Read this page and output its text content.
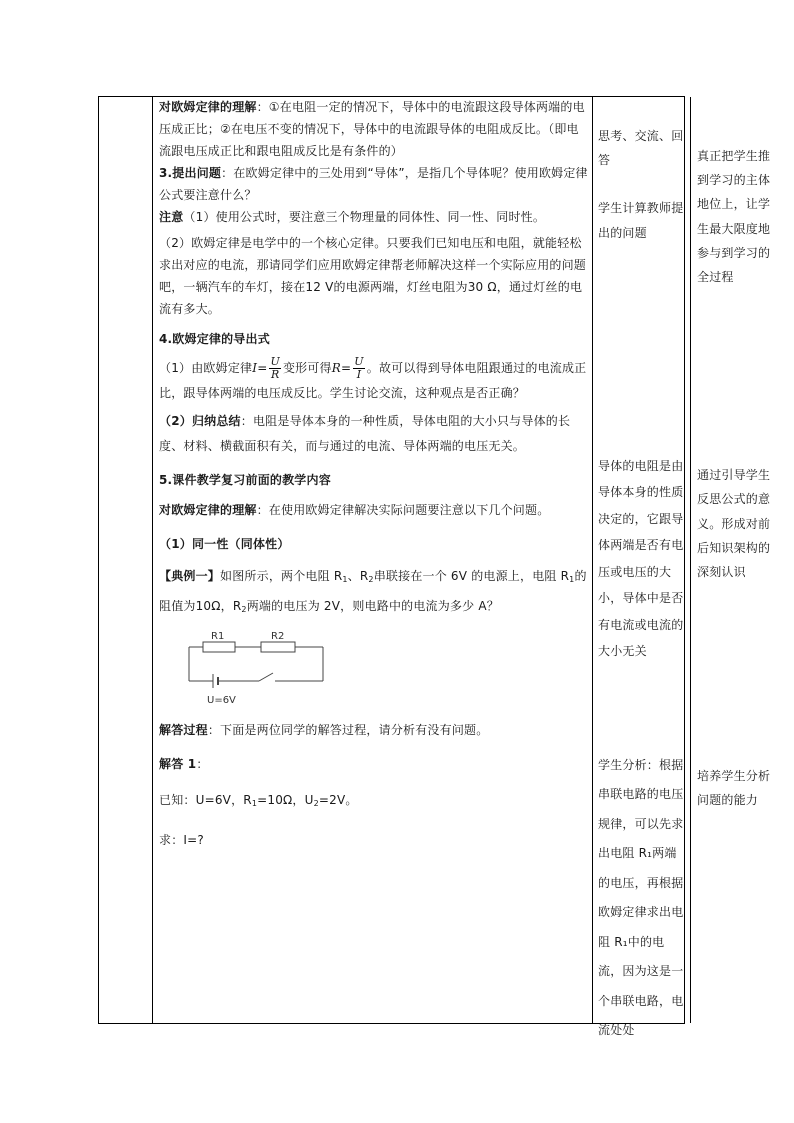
对欧姆定律的理解：①在电阻一定的情况下，导体中的电流跟这段导体两端的电压成正比；②在电压不变的情况下，导体中的电流跟导体的电阻成反比。（即电流跟电压成正比和跟电阻成反比是有条件的）

3.提出问题：在欧姆定律中的三处用到“导体”，是指几个导体呢？使用欧姆定律公式要注意什么？

注意（1）使用公式时，要注意三个物理量的同体性、同一性、同时性。

（2）欧姆定律是电学中的一个核心定律。只要我们已知电压和电阻，就能轻松求出对应的电流，那请同学们应用欧姆定律帮老师解决这样一个实际应用的问题吧，一辆汽车的车灯，接在12 V的电源两端，灯丝电阻为30 Ω，通过灯丝的电流有多大。

4.欧姆定律的导出式

（1）由欧姆定律$I= \frac{U}{R}$ 变形可得$R= \frac{U}{I}$ 。故可以得到导体电阻跟通过的电流成正比，跟导体两端的电压成反比。学生讨论交流，这种观点是否正确？

（2）归纳总结：电阻是导体本身的一种性质，导体电阻的大小只与导体的长度、材料、横截面积有关，而与通过的电流、导体两端的电压无关。

5.课件教学复习前面的教学内容

对欧姆定律的理解：在使用欧姆定律解决实际问题要注意以下几个问题。

（1）同一性（同体性）

【典例一】如图所示，两个电阻 $R_1$、$R_2$串联接在一个 6V 的电源上，电阻 $R_1$的阻值为10Ω，$R_2$两端的电压为 2V，则电路中的电流为多少 A？

R1	R2
U=6V

解答过程：下面是两位同学的解答过程，请分析有没有问题。

解答 1：

已知：U=6V，$R_1=10\Omega$，$U_2=2V$。

求：I=?

思考、交流、回答

学生计算教师提出的问题

导体的电阻是由导体本身的性质决定的，它跟导体两端是否有电压或电压的大小，导体中是否有电流或电流的大小无关

学生分析：根据串联电路的电压规律，可以先求出电阻 R₁两端的电压，再根据欧姆定律求出电阻 R₁中的电流，因为这是一个串联电路，电流处处

真正把学生推到学习的主体地位上，让学生最大限度地参与到学习的全过程

通过引导学生反思公式的意义。形成对前后知识架构的深刻认识

培养学生分析问题的能力
